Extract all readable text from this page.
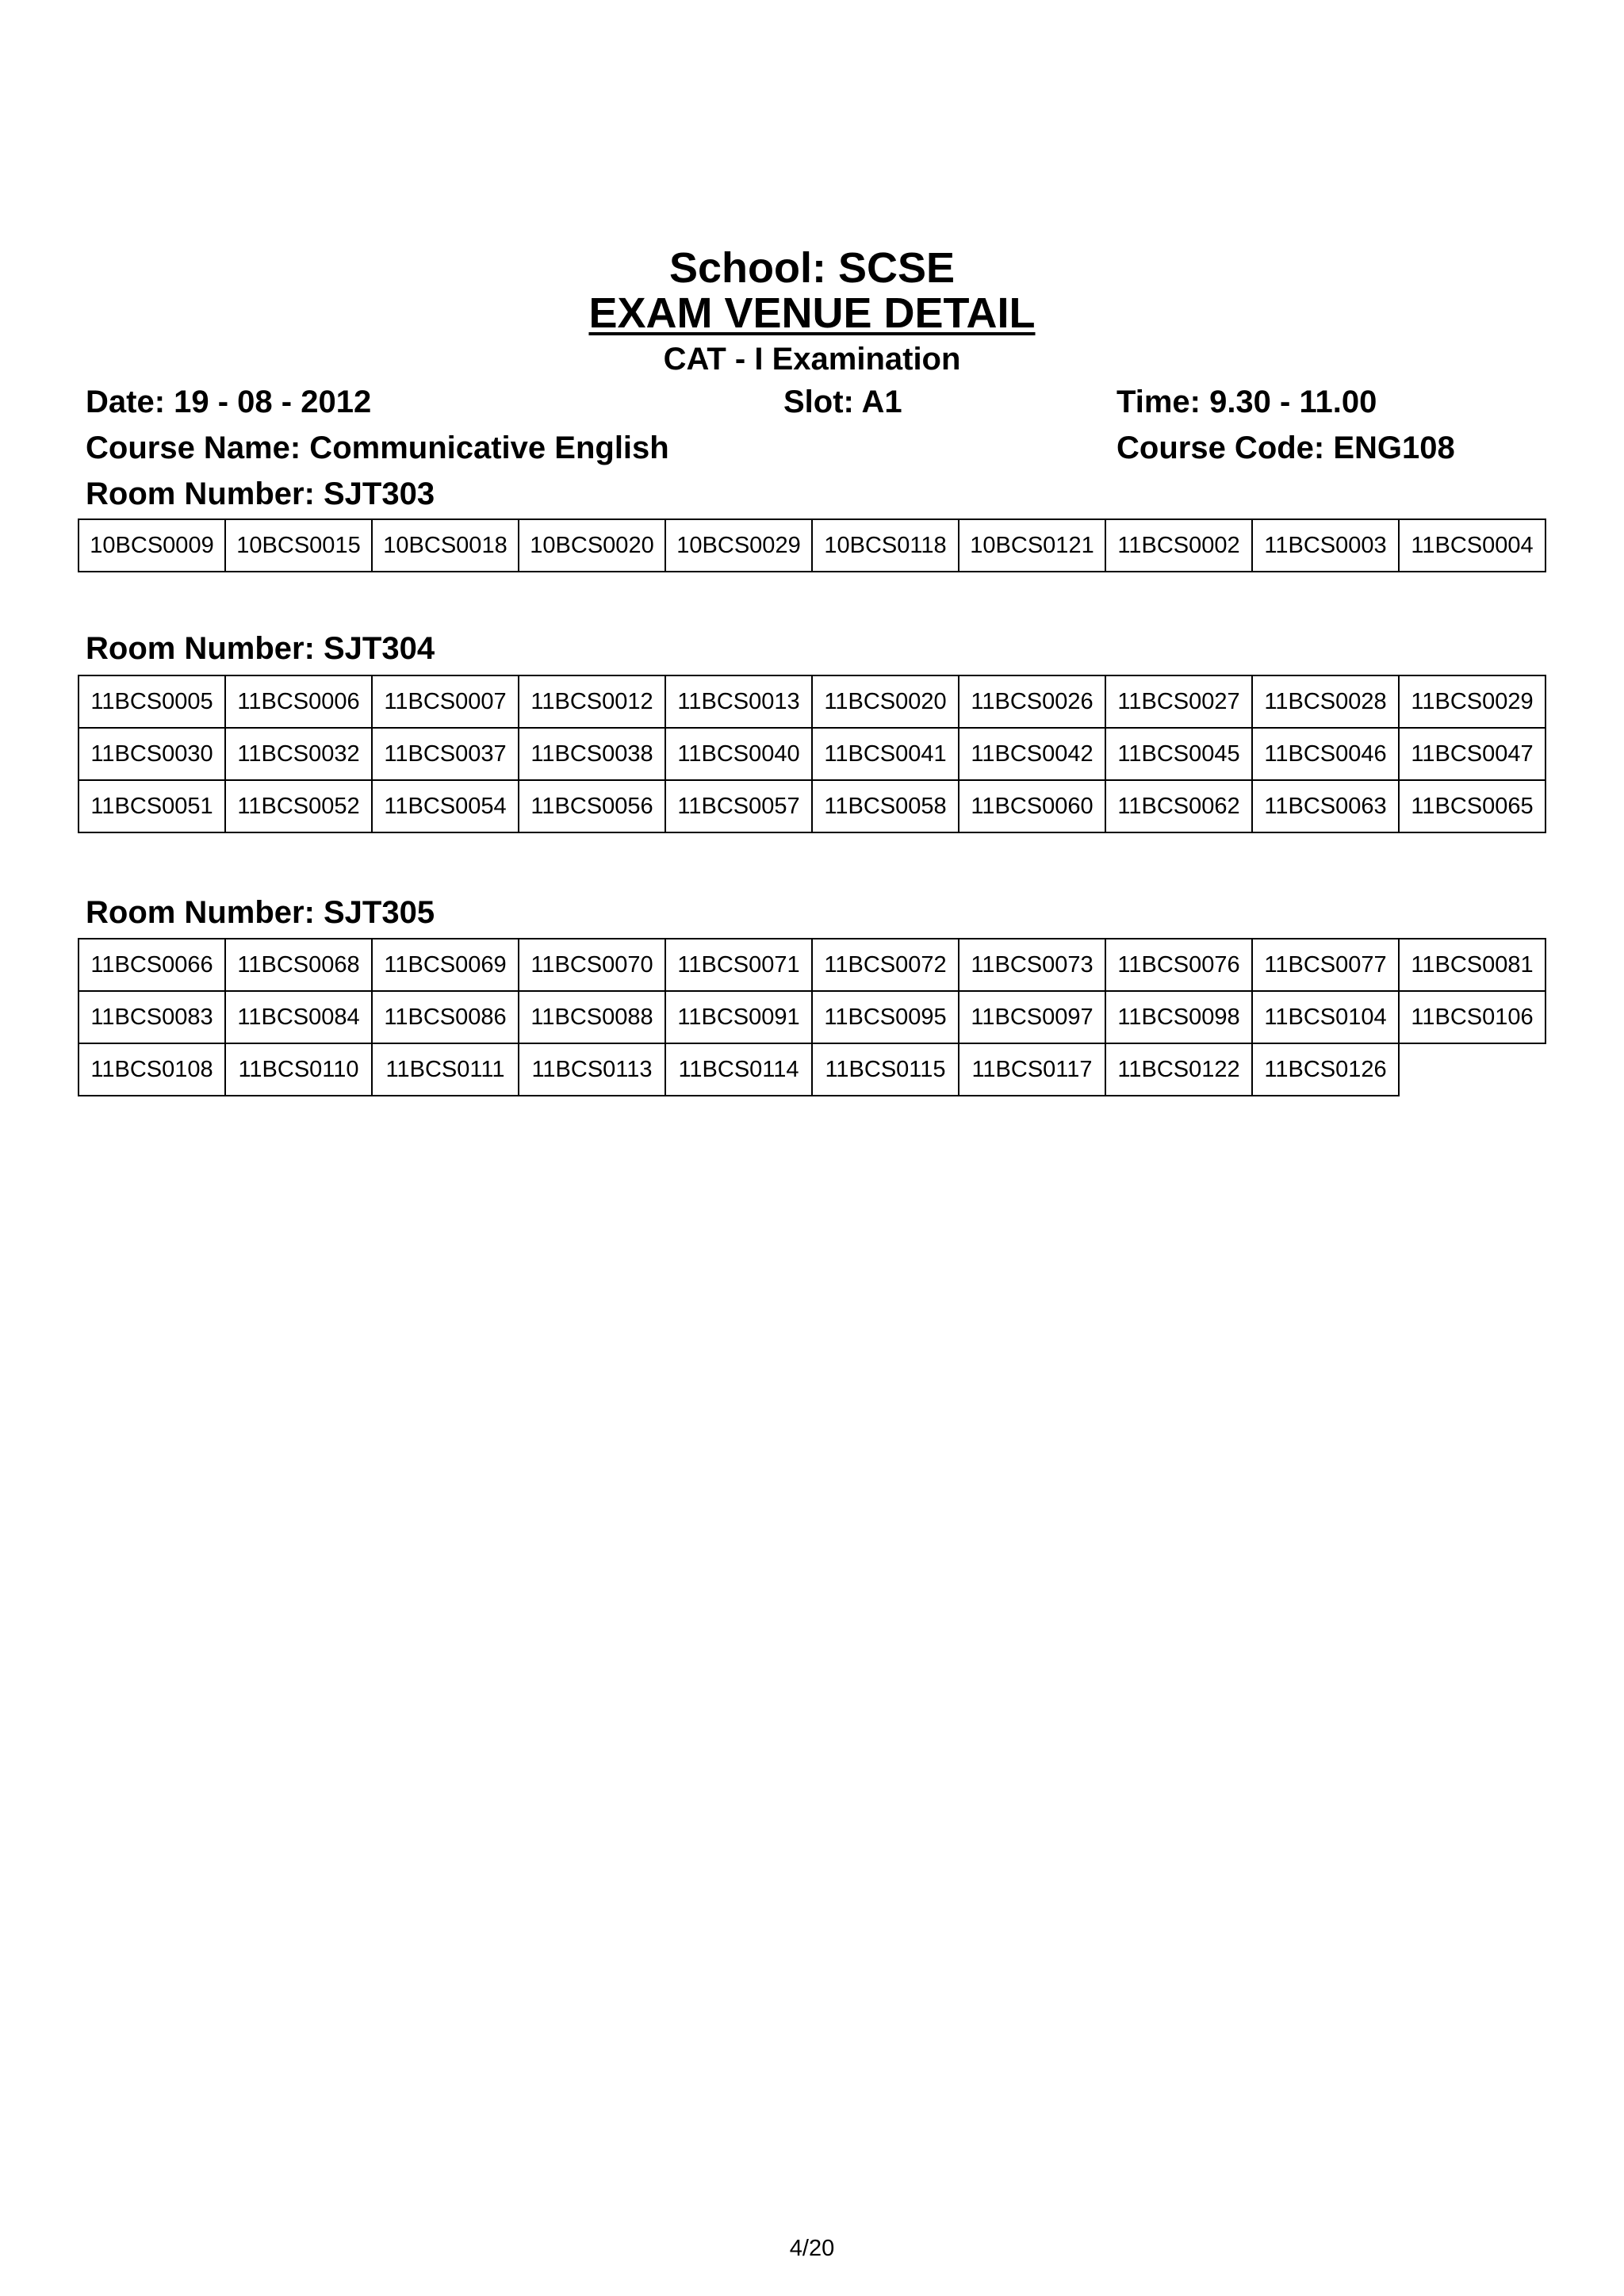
School: SCSE
EXAM VENUE DETAIL
CAT - I Examination
Date: 19 - 08 - 2012	Slot: A1	Time: 9.30 - 11.00
Course Name: Communicative English	Course Code: ENG108
Room Number: SJT303
10BCS0009	10BCS0015	10BCS0018	10BCS0020	10BCS0029	10BCS0118	10BCS0121	11BCS0002	11BCS0003	11BCS0004
Room Number: SJT304
11BCS0005	11BCS0006	11BCS0007	11BCS0012	11BCS0013	11BCS0020	11BCS0026	11BCS0027	11BCS0028	11BCS0029
11BCS0030	11BCS0032	11BCS0037	11BCS0038	11BCS0040	11BCS0041	11BCS0042	11BCS0045	11BCS0046	11BCS0047
11BCS0051	11BCS0052	11BCS0054	11BCS0056	11BCS0057	11BCS0058	11BCS0060	11BCS0062	11BCS0063	11BCS0065
Room Number: SJT305
11BCS0066	11BCS0068	11BCS0069	11BCS0070	11BCS0071	11BCS0072	11BCS0073	11BCS0076	11BCS0077	11BCS0081
11BCS0083	11BCS0084	11BCS0086	11BCS0088	11BCS0091	11BCS0095	11BCS0097	11BCS0098	11BCS0104	11BCS0106
11BCS0108	11BCS0110	11BCS0111	11BCS0113	11BCS0114	11BCS0115	11BCS0117	11BCS0122	11BCS0126	
4/20
